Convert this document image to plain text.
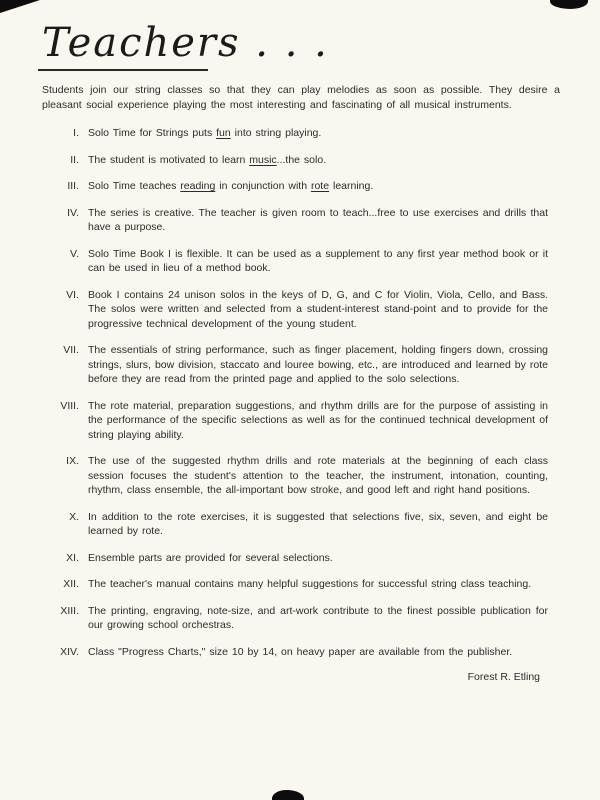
Teachers . . .

Students join our string classes so that they can play melodies as soon as possible. They desire a pleasant social experience playing the most interesting and fascinating of all musical instruments.

I. Solo Time for Strings puts fun into string playing.
II. The student is motivated to learn music...the solo.
III. Solo Time teaches reading in conjunction with rote learning.
IV. The series is creative. The teacher is given room to teach...free to use exercises and drills that have a purpose.
V. Solo Time Book I is flexible. It can be used as a supplement to any first year method book or it can be used in lieu of a method book.
VI. Book I contains 24 unison solos in the keys of D, G, and C for Violin, Viola, Cello, and Bass. The solos were written and selected from a student-interest stand-point and to provide for the progressive technical development of the young student.
VII. The essentials of string performance, such as finger placement, holding fingers down, crossing strings, slurs, bow division, staccato and louree bowing, etc., are introduced and learned by rote before they are read from the printed page and applied to the solo selections.
VIII. The rote material, preparation suggestions, and rhythm drills are for the purpose of assisting in the performance of the specific selections as well as for the continued technical development of string playing ability.
IX. The use of the suggested rhythm drills and rote materials at the beginning of each class session focuses the student's attention to the teacher, the instrument, intonation, counting, rhythm, class ensemble, the all-important bow stroke, and good left and right hand positions.
X. In addition to the rote exercises, it is suggested that selections five, six, seven, and eight be learned by rote.
XI. Ensemble parts are provided for several selections.
XII. The teacher's manual contains many helpful suggestions for successful string class teaching.
XIII. The printing, engraving, note-size, and art-work contribute to the finest possible publication for our growing school orchestras.
XIV. Class "Progress Charts," size 10 by 14, on heavy paper are available from the publisher.
Forest R. Etling
